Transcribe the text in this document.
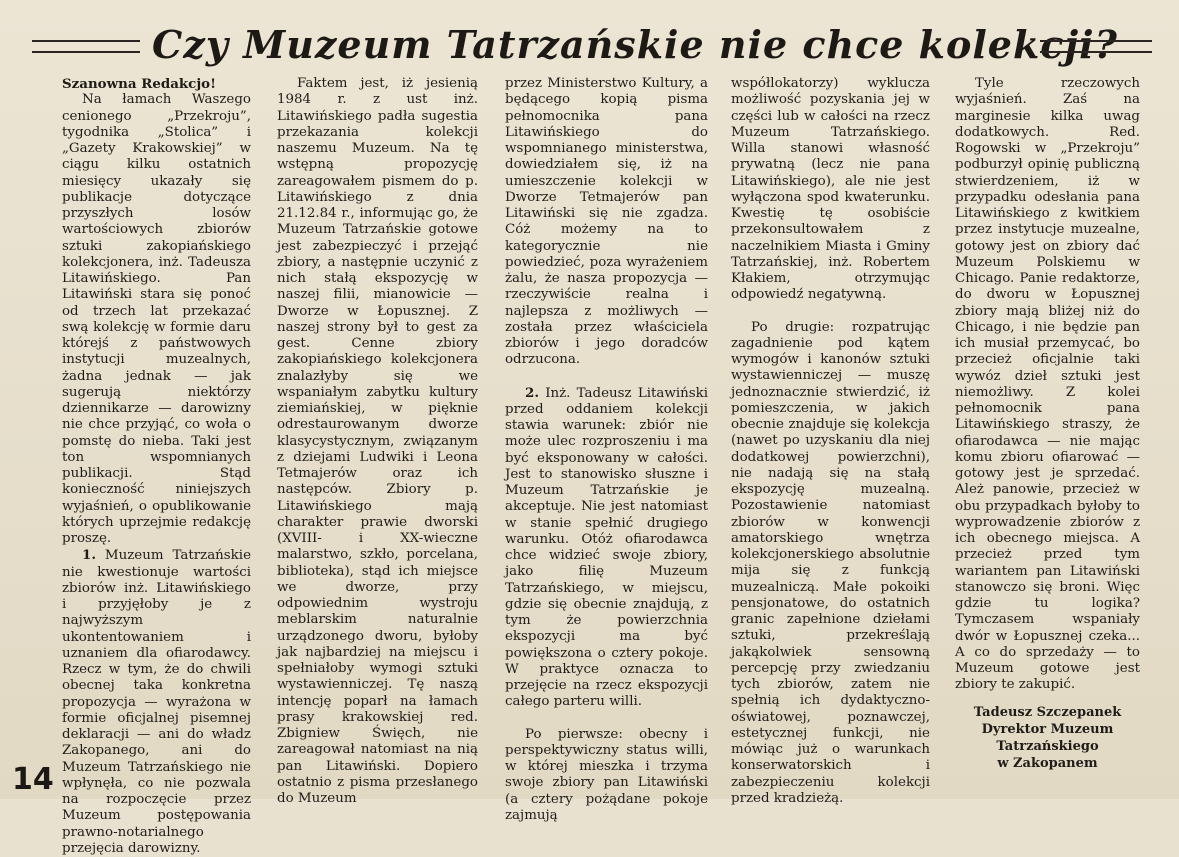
Czy Muzeum Tatrzańskie nie chce kolekcji?

Szanowna Redakcjo!

Na łamach Waszego cenionego „Przekroju”, tygodnika „Stolica” i „Gazety Krakowskiej” w ciągu kilku ostatnich miesięcy ukazały się publikacje dotyczące przyszłych losów wartościowych zbiorów sztuki zakopiańskiego kolekcjonera, inż. Tadeusza Litawińskiego. Pan Litawiński stara się ponoć od trzech lat przekazać swą kolekcję w formie daru którejś z państwowych instytucji muzealnych, żadna jednak — jak sugerują niektórzy dziennikarze — darowizny nie chce przyjąć, co woła o pomstę do nieba. Taki jest ton wspomnianych publikacji. Stąd konieczność niniejszych wyjaśnień, o opublikowanie których uprzejmie redakcję proszę.

1. Muzeum Tatrzańskie nie kwestionuje wartości zbiorów inż. Litawińskiego i przyjęłoby je z najwyższym ukontentowaniem i uznaniem dla ofiarodawcy. Rzecz w tym, że do chwili obecnej taka konkretna propozycja — wyrażona w formie oficjalnej pisemnej deklaracji — ani do władz Zakopanego, ani do Muzeum Tatrzańskiego nie wpłynęła, co nie pozwala na rozpoczęcie przez Muzeum postępowania prawno-notarialnego przejęcia darowizny.

Faktem jest, iż jesienią 1984 r. z ust inż. Litawińskiego padła sugestia przekazania kolekcji naszemu Muzeum. Na tę wstępną propozycję zareagowałem pismem do p. Litawińskiego z dnia 21.12.84 r., informując go, że Muzeum Tatrzańskie gotowe jest zabezpieczyć i przejąć zbiory, a następnie uczynić z nich stałą ekspozycję w naszej filii, mianowicie — Dworze w Łopusznej. Z naszej strony był to gest za gest. Cenne zbiory zakopiańskiego kolekcjonera znalazłyby się we wspaniałym zabytku kultury ziemiańskiej, w pięknie odrestaurowanym dworze klasycystycznym, związanym z dziejami Ludwiki i Leona Tetmajerów oraz ich następców. Zbiory p. Litawińskiego mają charakter prawie dworski (XVIII- i XX-wieczne malarstwo, szkło, porcelana, biblioteka), stąd ich miejsce we dworze, przy odpowiednim wystroju meblarskim naturalnie urządzonego dworu, byłoby jak najbardziej na miejscu i spełniałoby wymogi sztuki wystawienniczej. Tę naszą intencję poparł na łamach prasy krakowskiej red. Zbigniew Święch, nie zareagował natomiast na nią pan Litawiński. Dopiero ostatnio z pisma przesłanego do Muzeum

przez Ministerstwo Kultury, a będącego kopią pisma pełnomocnika pana Litawińskiego do wspomnianego ministerstwa, dowiedziałem się, iż na umieszczenie kolekcji w Dworze Tetmajerów pan Litawiński się nie zgadza. Cóż możemy na to kategorycznie nie powiedzieć, poza wyrażeniem żalu, że nasza propozycja — rzeczywiście realna i najlepsza z możliwych — została przez właściciela zbiorów i jego doradców odrzucona.

2. Inż. Tadeusz Litawiński przed oddaniem kolekcji stawia warunek: zbiór nie może ulec rozproszeniu i ma być eksponowany w całości. Jest to stanowisko słuszne i Muzeum Tatrzańskie je akceptuje. Nie jest natomiast w stanie spełnić drugiego warunku. Otóż ofiarodawca chce widzieć swoje zbiory, jako filię Muzeum Tatrzańskiego, w miejscu, gdzie się obecnie znajdują, z tym że powierzchnia ekspozycji ma być powiększona o cztery pokoje. W praktyce oznacza to przejęcie na rzecz ekspozycji całego parteru willi.

Po pierwsze: obecny i perspektywiczny status willi, w której mieszka i trzyma swoje zbiory pan Litawiński (a cztery pożądane pokoje zajmują

współlokatorzy) wyklucza możliwość pozyskania jej w części lub w całości na rzecz Muzeum Tatrzańskiego. Willa stanowi własność prywatną (lecz nie pana Litawińskiego), ale nie jest wyłączona spod kwaterunku. Kwestię tę osobiście przekonsultowałem z naczelnikiem Miasta i Gminy Tatrzańskiej, inż. Robertem Kłakiem, otrzymując odpowiedź negatywną.

Po drugie: rozpatrując zagadnienie pod kątem wymogów i kanonów sztuki wystawienniczej — muszę jednoznacznie stwierdzić, iż pomieszczenia, w jakich obecnie znajduje się kolekcja (nawet po uzyskaniu dla niej dodatkowej powierzchni), nie nadają się na stałą ekspozycję muzealną. Pozostawienie natomiast zbiorów w konwencji amatorskiego wnętrza kolekcjonerskiego absolutnie mija się z funkcją muzealniczą. Małe pokoiki pensjonatowe, do ostatnich granic zapełnione dziełami sztuki, przekreślają jakąkolwiek sensowną percepcję przy zwiedzaniu tych zbiorów, zatem nie spełnią ich dydaktyczno-oświatowej, poznawczej, estetycznej funkcji, nie mówiąc już o warunkach konserwatorskich i zabezpieczeniu kolekcji przed kradzieżą.

Tyle rzeczowych wyjaśnień. Zaś na marginesie kilka uwag dodatkowych. Red. Rogowski w „Przekroju” podburzył opinię publiczną stwierdzeniem, iż w przypadku odesłania pana Litawińskiego z kwitkiem przez instytucje muzealne, gotowy jest on zbiory dać Muzeum Polskiemu w Chicago. Panie redaktorze, do dworu w Łopusznej zbiory mają bliżej niż do Chicago, i nie będzie pan ich musiał przemycać, bo przecież oficjalnie taki wywóz dzieł sztuki jest niemożliwy. Z kolei pełnomocnik pana Litawińskiego straszy, że ofiarodawca — nie mając komu zbioru ofiarować — gotowy jest je sprzedać. Ależ panowie, przecież w obu przypadkach byłoby to wyprowadzenie zbiorów z ich obecnego miejsca. A przecież przed tym wariantem pan Litawiński stanowczo się broni. Więc gdzie tu logika? Tymczasem wspaniały dwór w Łopusznej czeka... A co do sprzedaży — to Muzeum gotowe jest zbiory te zakupić.

Tadeusz Szczepanek
Dyrektor Muzeum
Tatrzańskiego
w Zakopanem
14
